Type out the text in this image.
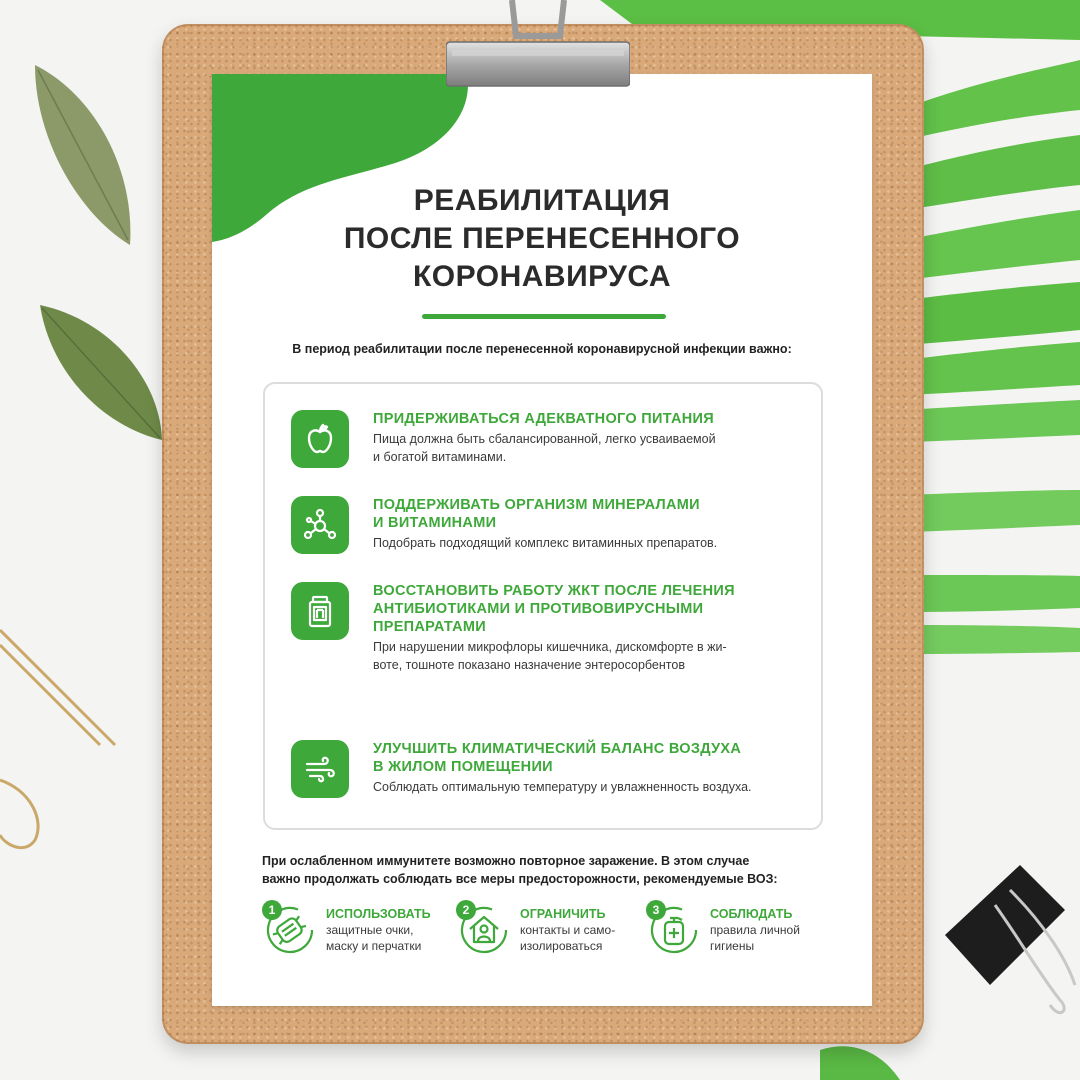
РЕАБИЛИТАЦИЯ
ПОСЛЕ ПЕРЕНЕСЕННОГО
КОРОНАВИРУСА
В период реабилитации после перенесенной коронавирусной инфекции важно:
ПРИДЕРЖИВАТЬСЯ АДЕКВАТНОГО ПИТАНИЯ
Пища должна быть сбалансированной, легко усваиваемой
и богатой витаминами.
ПОДДЕРЖИВАТЬ ОРГАНИЗМ МИНЕРАЛАМИ
И ВИТАМИНАМИ
Подобрать подходящий комплекс витаминных препаратов.
ВОССТАНОВИТЬ РАБОТУ ЖКТ ПОСЛЕ ЛЕЧЕНИЯ
АНТИБИОТИКАМИ И ПРОТИВОВИРУСНЫМИ
ПРЕПАРАТАМИ
При нарушении микрофлоры кишечника, дискомфорте в жи-
воте, тошноте показано назначение энтеросорбентов
УЛУЧШИТЬ КЛИМАТИЧЕСКИЙ БАЛАНС ВОЗДУХА
В ЖИЛОМ ПОМЕЩЕНИИ
Соблюдать оптимальную температуру и увлажненность воздуха.
При ослабленном иммунитете возможно повторное заражение. В этом случае
важно продолжать соблюдать все меры предосторожности, рекомендуемые ВОЗ:
1	ИСПОЛЬЗОВАТЬ
защитные очки,
маску и перчатки
2	ОГРАНИЧИТЬ
контакты и само-
изолироваться
3	СОБЛЮДАТЬ
правила личной
гигиены
